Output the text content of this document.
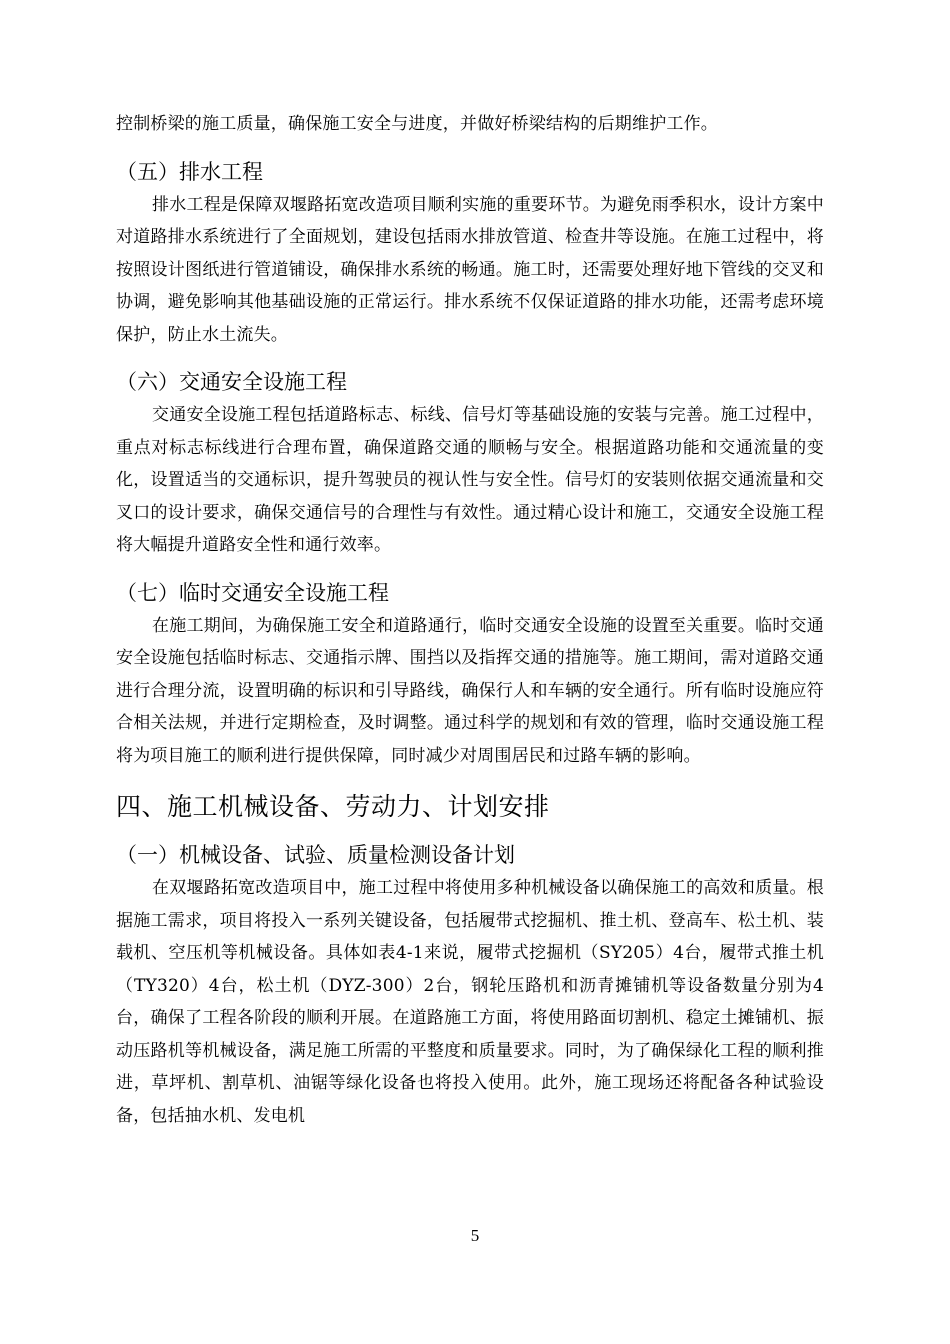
控制桥梁的施工质量，确保施工安全与进度，并做好桥梁结构的后期维护工作。

（五）排水工程

排水工程是保障双堰路拓宽改造项目顺利实施的重要环节。为避免雨季积水，设计方案中对道路排水系统进行了全面规划，建设包括雨水排放管道、检查井等设施。在施工过程中，将按照设计图纸进行管道铺设，确保排水系统的畅通。施工时，还需要处理好地下管线的交叉和协调，避免影响其他基础设施的正常运行。排水系统不仅保证道路的排水功能，还需考虑环境保护，防止水土流失。

（六）交通安全设施工程

交通安全设施工程包括道路标志、标线、信号灯等基础设施的安装与完善。施工过程中，重点对标志标线进行合理布置，确保道路交通的顺畅与安全。根据道路功能和交通流量的变化，设置适当的交通标识，提升驾驶员的视认性与安全性。信号灯的安装则依据交通流量和交叉口的设计要求，确保交通信号的合理性与有效性。通过精心设计和施工，交通安全设施工程将大幅提升道路安全性和通行效率。

（七）临时交通安全设施工程

在施工期间，为确保施工安全和道路通行，临时交通安全设施的设置至关重要。临时交通安全设施包括临时标志、交通指示牌、围挡以及指挥交通的措施等。施工期间，需对道路交通进行合理分流，设置明确的标识和引导路线，确保行人和车辆的安全通行。所有临时设施应符合相关法规，并进行定期检查，及时调整。通过科学的规划和有效的管理，临时交通设施工程将为项目施工的顺利进行提供保障，同时减少对周围居民和过路车辆的影响。

四、施工机械设备、劳动力、计划安排
（一）机械设备、试验、质量检测设备计划

在双堰路拓宽改造项目中，施工过程中将使用多种机械设备以确保施工的高效和质量。根据施工需求，项目将投入一系列关键设备，包括履带式挖掘机、推土机、登高车、松土机、装载机、空压机等机械设备。具体如表4-1来说，履带式挖掘机（SY205）4台，履带式推土机（TY320）4台，松土机（DYZ-300）2台，钢轮压路机和沥青摊铺机等设备数量分别为4台，确保了工程各阶段的顺利开展。在道路施工方面，将使用路面切割机、稳定土摊铺机、振动压路机等机械设备，满足施工所需的平整度和质量要求。同时，为了确保绿化工程的顺利推进，草坪机、割草机、油锯等绿化设备也将投入使用。此外，施工现场还将配备各种试验设备，包括抽水机、发电机

5
